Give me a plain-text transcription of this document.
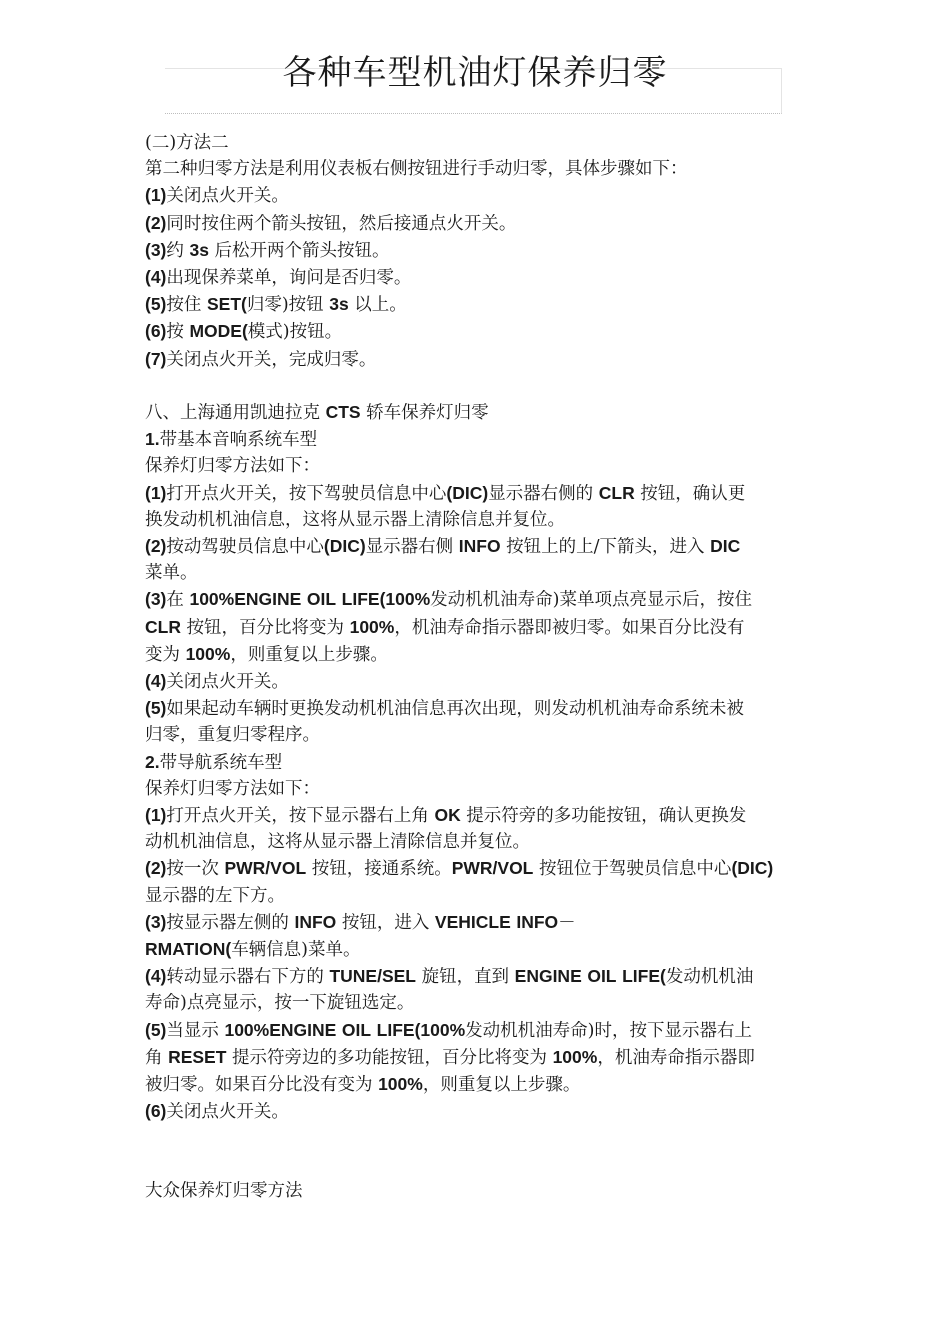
各种车型机油灯保养归零

(二)方法二

第二种归零方法是利用仪表板右侧按钮进行手动归零，具体步骤如下：

(1)关闭点火开关。

(2)同时按住两个箭头按钮，然后接通点火开关。

(3)约 3s 后松开两个箭头按钮。

(4)出现保养菜单，询问是否归零。

(5)按住 SET(归零)按钮 3s 以上。

(6)按 MODE(模式)按钮。

(7)关闭点火开关，完成归零。

八、上海通用凯迪拉克 CTS 轿车保养灯归零

1.带基本音响系统车型

保养灯归零方法如下：

(1)打开点火开关，按下驾驶员信息中心(DIC)显示器右侧的 CLR 按钮，确认更

换发动机机油信息，这将从显示器上清除信息并复位。

(2)按动驾驶员信息中心(DIC)显示器右侧 INFO 按钮上的上/下箭头，进入 DIC

菜单。

(3)在 100%ENGINE OIL LIFE(100%发动机机油寿命)菜单项点亮显示后，按住

CLR 按钮，百分比将变为 100%，机油寿命指示器即被归零。如果百分比没有

变为 100%，则重复以上步骤。

(4)关闭点火开关。

(5)如果起动车辆时更换发动机机油信息再次出现，则发动机机油寿命系统未被

归零，重复归零程序。

2.带导航系统车型

保养灯归零方法如下：

(1)打开点火开关，按下显示器右上角 OK 提示符旁的多功能按钮，确认更换发

动机机油信息，这将从显示器上清除信息并复位。

(2)按一次 PWR/VOL 按钮，接通系统。PWR/VOL 按钮位于驾驶员信息中心(DIC)

显示器的左下方。

(3)按显示器左侧的 INFO 按钮，进入 VEHICLE INFO－

RMATION(车辆信息)菜单。

(4)转动显示器右下方的 TUNE/SEL 旋钮，直到 ENGINE OIL LIFE(发动机机油

寿命)点亮显示，按一下旋钮选定。

(5)当显示 100%ENGINE OIL LIFE(100%发动机机油寿命)时，按下显示器右上

角 RESET 提示符旁边的多功能按钮，百分比将变为 100%，机油寿命指示器即

被归零。如果百分比没有变为 100%，则重复以上步骤。

(6)关闭点火开关。

大众保养灯归零方法
